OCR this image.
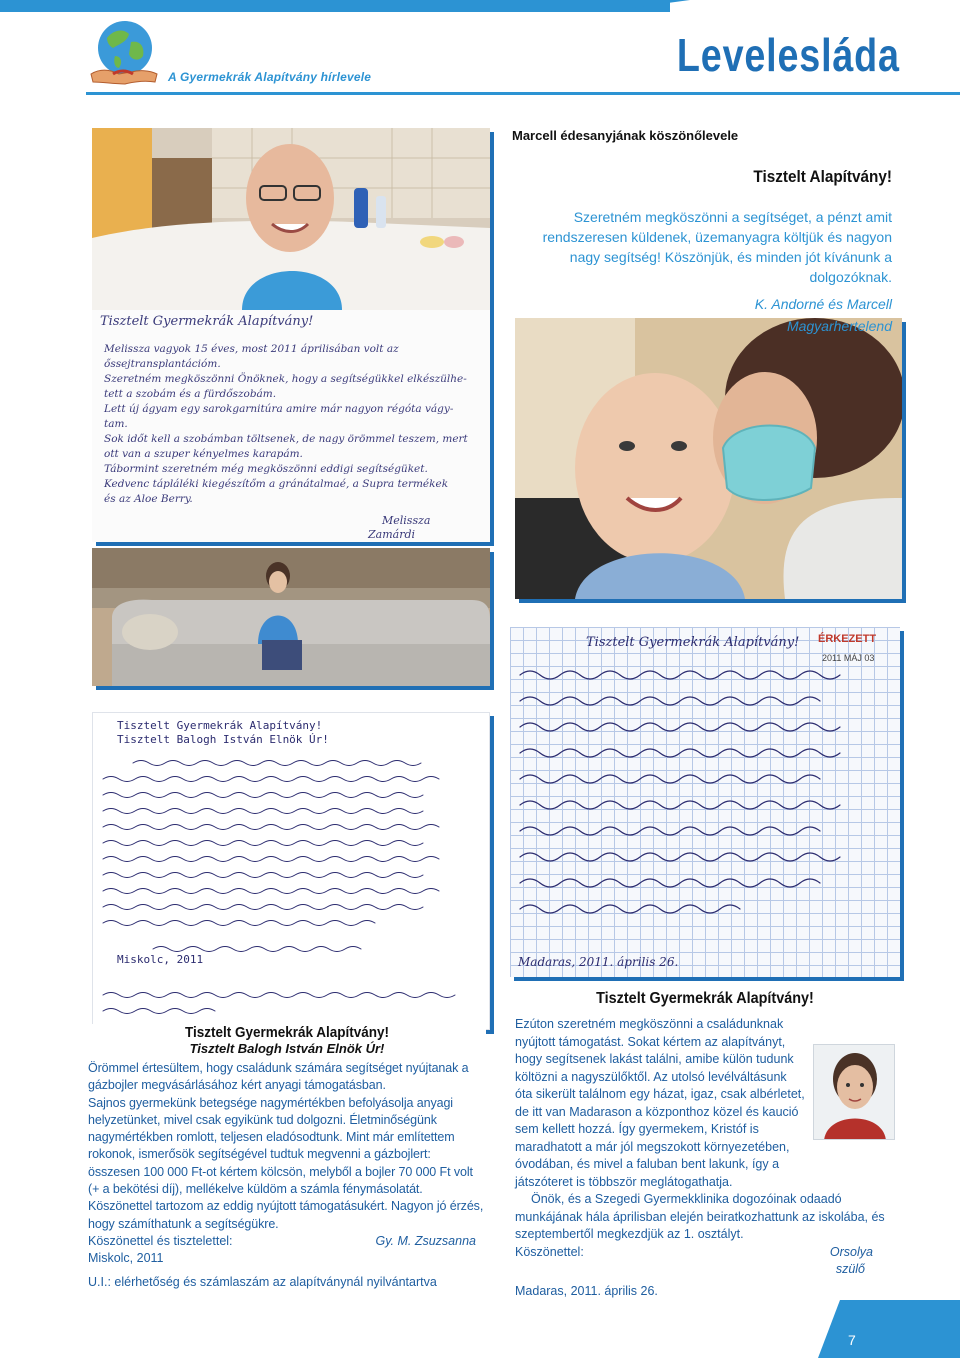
A Gyermekrák Alapítvány hírlevele	Levelesláda
Tisztelt Gyermekrák Alapítvány!
Melissza vagyok 15 éves, most 2011 áprilisában volt az
őssejtransplantációm.
Szeretném megköszönni Önöknek, hogy a segítségükkel elkészülhe-
tett a szobám és a fürdőszobám.
Lett új ágyam egy sarokgarnitúra amire már nagyon régóta vágy-
tam.
Sok időt kell a szobámban töltsenek, de nagy örömmel teszem, mert
ott van a szuper kényelmes karapám.
Tábormint szeretném még megköszönni eddigi segítségüket.
Kedvenc tápláléki kiegészítőm a gránátalmaé, a Supra termékek
és az Aloe Berry.
Melissza
Zamárdi
Tisztelt Gyermekrák Alapítvány! ÉRKEZETT
2011 MÁJ 03
Madaras, 2011. április 26.
Tisztelt Gyermekrák Alapítvány!
Tisztelt Balogh István Elnök Úr!
Miskolc, 2011
Marcell édesanyjának köszönőlevele
Tisztelt Alapítvány!
Szeretném megköszönni a segítséget, a pénzt amit rendszeresen küldenek, üzemanyagra költjük és nagyon nagy segítség! Köszönjük, és minden jót kívánunk a dolgozóknak.
K. Andorné és Marcell
Magyarhertelend
Tisztelt Gyermekrák Alapítvány!
Tisztelt Balogh István Elnök Úr!

Örömmel értesültem, hogy családunk számára segítséget nyújtanak a gázbojler megvásárlásához kért anyagi támogatásban.

Sajnos gyermekünk betegsége nagymértékben befolyásolja anyagi helyzetünket, mivel csak egyikünk tud dolgozni. Életminőségünk nagymértékben romlott, teljesen eladósodtunk. Mint már említettem rokonok, ismerősök segítségével tudtuk megvenni a gázbojlert: összesen 100 000 Ft-ot kértem kölcsön, melyből a bojler 70 000 Ft volt (+ a bekötési díj), mellékelve küldöm a számla fénymásolatát.

Köszönettel tartozom az eddig nyújtott támogatásukért. Nagyon jó érzés, hogy számíthatunk a segítségükre.

Köszönettel és tisztelettel:	Gy. M. Zsuzsanna
Miskolc, 2011
U.I.: elérhetőség és számlaszám az alapítványnál nyilvántartva
Tisztelt Gyermekrák Alapítvány!
Ezúton szeretném megköszönni a családunknak nyújtott támogatást. Sokat kértem az alapítványt, hogy segítsenek lakást találni, amibe külön tudunk költözni a nagyszülőktől. Az utolsó levélváltásunk óta sikerült találnom egy házat, igaz, csak albérletet, de itt van Madarason a központhoz közel és kaució sem kellett hozzá. Így gyermekem, Kristóf is maradhatott a már jól megszokott környezetében, óvodában, és mivel a faluban bent lakunk, így a játszóteret is többször meglátogathatja.
Önök, és a Szegedi Gyermekklinika dogozóinak odaadó munkájának hála áprilisban elején beiratkozhattunk az iskolába, és szeptembertől megkezdjük az 1. osztályt.
Köszönettel:	Orsolya
szülő
Madaras, 2011. április 26.
7
